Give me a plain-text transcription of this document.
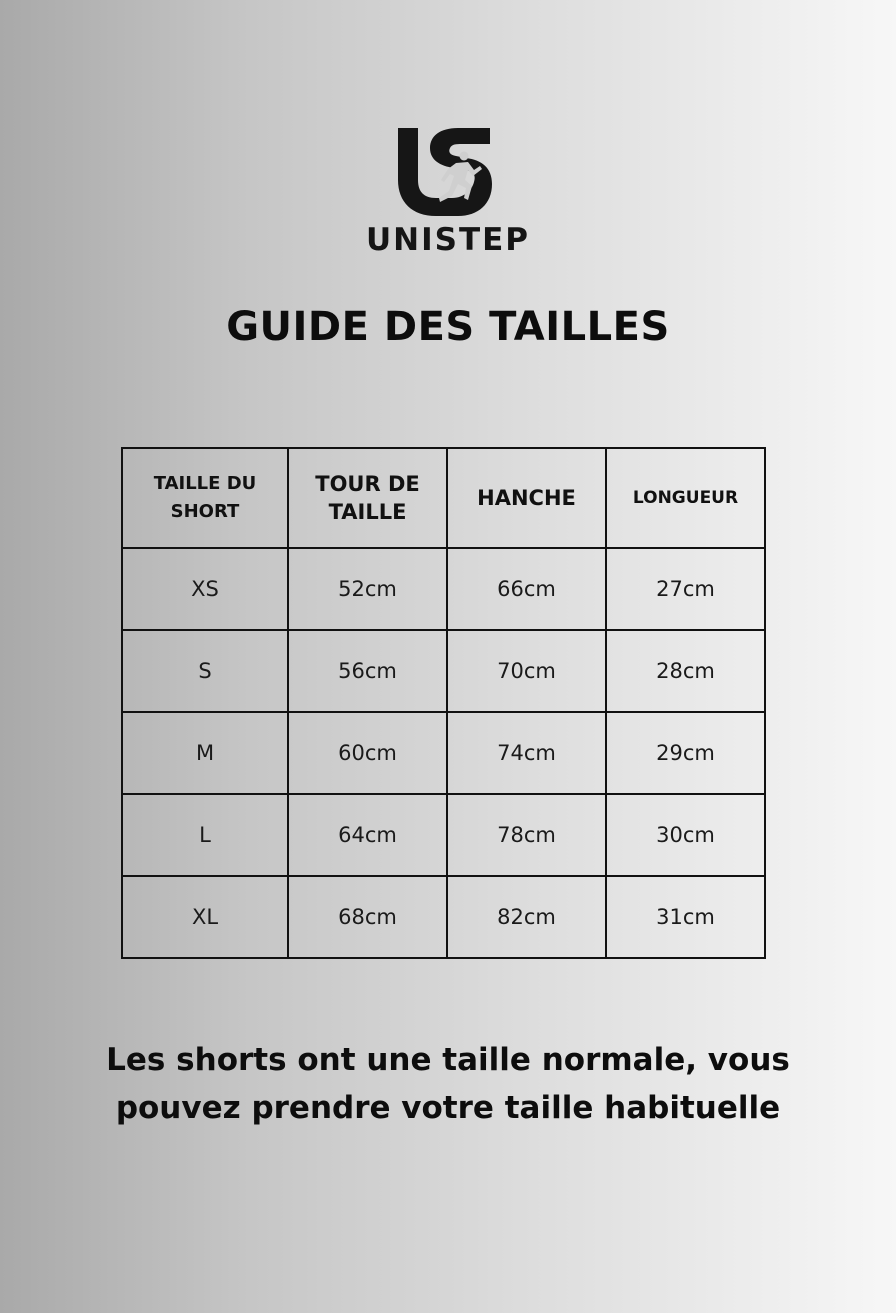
UNISTEP
GUIDE DES TAILLES
TAILLE DU SHORT	TOUR DE TAILLE	HANCHE	LONGUEUR
XS	52cm	66cm	27cm
S	56cm	70cm	28cm
M	60cm	74cm	29cm
L	64cm	78cm	30cm
XL	68cm	82cm	31cm
Les shorts ont une taille normale, vous
pouvez prendre votre taille habituelle
